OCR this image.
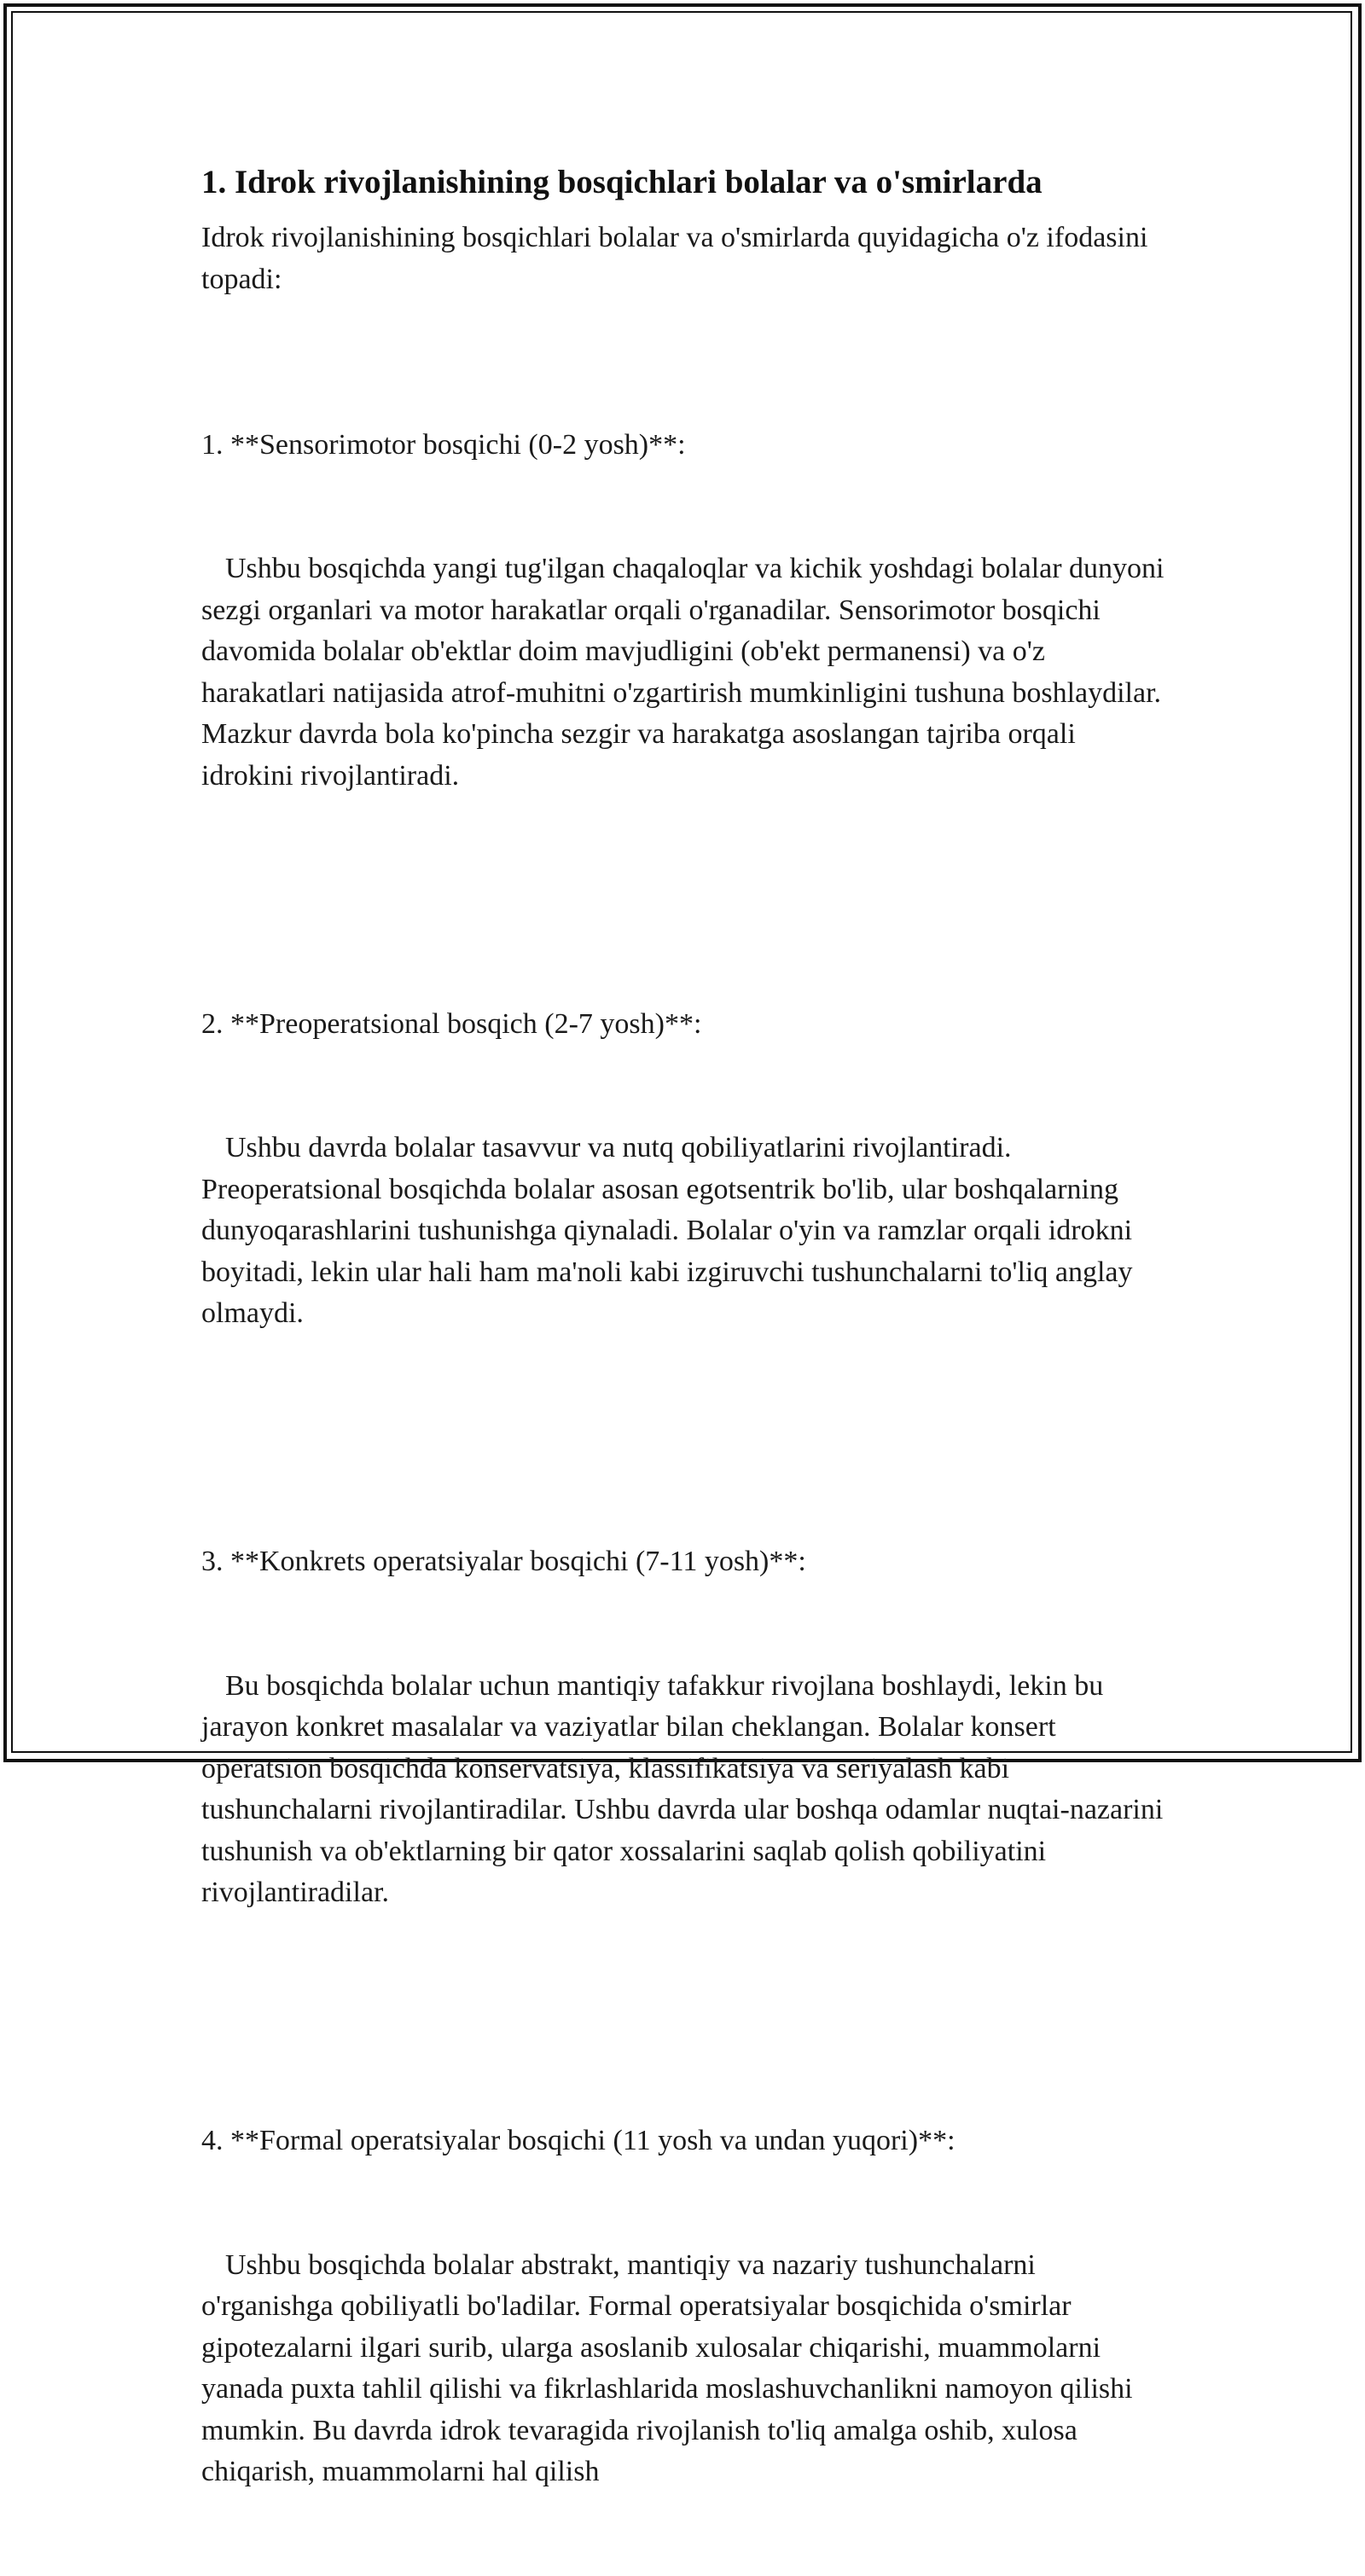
1. Idrok rivojlanishining bosqichlari bolalar va o'smirlarda

Idrok rivojlanishining bosqichlari bolalar va o'smirlarda quyidagicha o'z ifodasini topadi:

1. **Sensorimotor bosqichi (0-2 yosh)**:

Ushbu bosqichda yangi tug'ilgan chaqaloqlar va kichik yoshdagi bolalar dunyoni sezgi organlari va motor harakatlar orqali o'rganadilar. Sensorimotor bosqichi davomida bolalar ob'ektlar doim mavjudligini (ob'ekt permanensi) va o'z harakatlari natijasida atrof-muhitni o'zgartirish mumkinligini tushuna boshlaydilar. Mazkur davrda bola ko'pincha sezgir va harakatga asoslangan tajriba orqali idrokini rivojlantiradi.

2. **Preoperatsional bosqich (2-7 yosh)**:

Ushbu davrda bolalar tasavvur va nutq qobiliyatlarini rivojlantiradi. Preoperatsional bosqichda bolalar asosan egotsentrik bo'lib, ular boshqalarning dunyoqarashlarini tushunishga qiynaladi. Bolalar o'yin va ramzlar orqali idrokni boyitadi, lekin ular hali ham ma'noli kabi izgiruvchi tushunchalarni to'liq anglay olmaydi.

3. **Konkrets operatsiyalar bosqichi (7-11 yosh)**:

Bu bosqichda bolalar uchun mantiqiy tafakkur rivojlana boshlaydi, lekin bu jarayon konkret masalalar va vaziyatlar bilan cheklangan. Bolalar konsert operatsion bosqichda konservatsiya, klassifikatsiya va seriyalash kabi tushunchalarni rivojlantiradilar. Ushbu davrda ular boshqa odamlar nuqtai-nazarini tushunish va ob'ektlarning bir qator xossalarini saqlab qolish qobiliyatini rivojlantiradilar.

4. **Formal operatsiyalar bosqichi (11 yosh va undan yuqori)**:

Ushbu bosqichda bolalar abstrakt, mantiqiy va nazariy tushunchalarni o'rganishga qobiliyatli bo'ladilar. Formal operatsiyalar bosqichida o'smirlar gipotezalarni ilgari surib, ularga asoslanib xulosalar chiqarishi, muammolarni yanada puxta tahlil qilishi va fikrlashlarida moslashuvchanlikni namoyon qilishi mumkin. Bu davrda idrok tevaragida rivojlanish to'liq amalga oshib, xulosa chiqarish, muammolarni hal qilish
